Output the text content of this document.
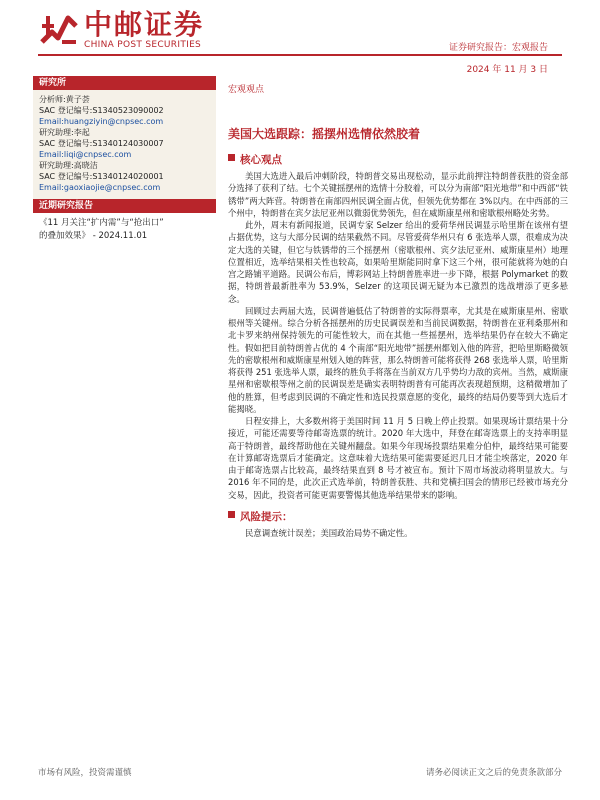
中邮证券
CHINA POST SECURITIES	证券研究报告：宏观报告
2024 年 11 月 3 日
研究所
分析师:黄子荟
SAC 登记编号:S1340523090002
Email:huangziyin@cnpsec.com
研究助理:李起
SAC 登记编号:S1340124030007
Email:liqi@cnpsec.com
研究助理:高晓洁
SAC 登记编号:S1340124020001
Email:gaoxiaojie@cnpsec.com
近期研究报告
《11 月关注“扩内需”与“抢出口”
的叠加效果》 - 2024.11.01
宏观观点
美国大选跟踪：摇摆州选情依然胶着
核心观点

美国大选进入最后冲刺阶段，特朗普交易出现松动，显示此前押注特朗普获胜的资金部分选择了获利了结。七个关键摇摆州的选情十分胶着，可以分为南部“阳光地带”和中西部“铁锈带”两大阵营。特朗普在南部四州民调全面占优，但领先优势都在 3%以内。在中西部的三个州中，特朗普在宾夕法尼亚州以微弱优势领先，但在威斯康星州和密歇根州略处劣势。

此外，周末有新闻报道，民调专家 Selzer 给出的爱荷华州民调显示哈里斯在该州有望占据优势，这与大部分民调的结果截然不同。尽管爱荷华州只有 6 张选举人票，很难成为决定大选的关键，但它与铁锈带的三个摇摆州（密歇根州、宾夕法尼亚州、威斯康星州）地理位置相近，选举结果相关性也较高，如果哈里斯能同时拿下这三个州，很可能就将为她的白宫之路铺平道路。民调公布后，博彩网站上特朗普胜率进一步下降，根据 Polymarket 的数据，特朗普最新胜率为 53.9%，Selzer 的这项民调无疑为本已激烈的选战增添了更多悬念。

回顾过去两届大选，民调普遍低估了特朗普的实际得票率，尤其是在威斯康星州、密歇根州等关键州。综合分析各摇摆州的历史民调误差和当前民调数据，特朗普在亚利桑那州和北卡罗来纳州保持领先的可能性较大，而在其他一些摇摆州，选举结果仍存在较大不确定性。假如把目前特朗普占优的 4 个南部“阳光地带”摇摆州都划入他的阵营，把哈里斯略微领先的密歇根州和威斯康星州划入她的阵营，那么特朗普可能将获得 268 张选举人票，哈里斯将获得 251 张选举人票，最终的胜负手将落在当前双方几乎势均力敌的宾州。当然，威斯康星州和密歇根等州之前的民调误差是确实表明特朗普有可能再次表现超预期，这稍微增加了他的胜算，但考虑到民调的不确定性和选民投票意愿的变化，最终的结局仍要等到大选后才能揭晓。

日程安排上，大多数州将于美国时间 11 月 5 日晚上停止投票。如果现场计票结果十分接近，可能还需要等待邮寄选票的统计。2020 年大选中，拜登在邮寄选票上的支持率明显高于特朗普，最终帮助他在关键州翻盘。如果今年现场投票结果难分伯仲，最终结果可能要在计算邮寄选票后才能确定。这意味着大选结果可能需要延迟几日才能尘埃落定，2020 年由于邮寄选票占比较高，最终结果直到 8 号才被宣布。预计下周市场波动将明显放大。与 2016 年不同的是，此次正式选举前，特朗普获胜、共和党横扫国会的情形已经被市场充分交易，因此，投资者可能更需要警惕其他选举结果带来的影响。

风险提示：

民意调查统计误差；美国政治局势不确定性。

市场有风险，投资需谨慎	请务必阅读正文之后的免责条款部分
